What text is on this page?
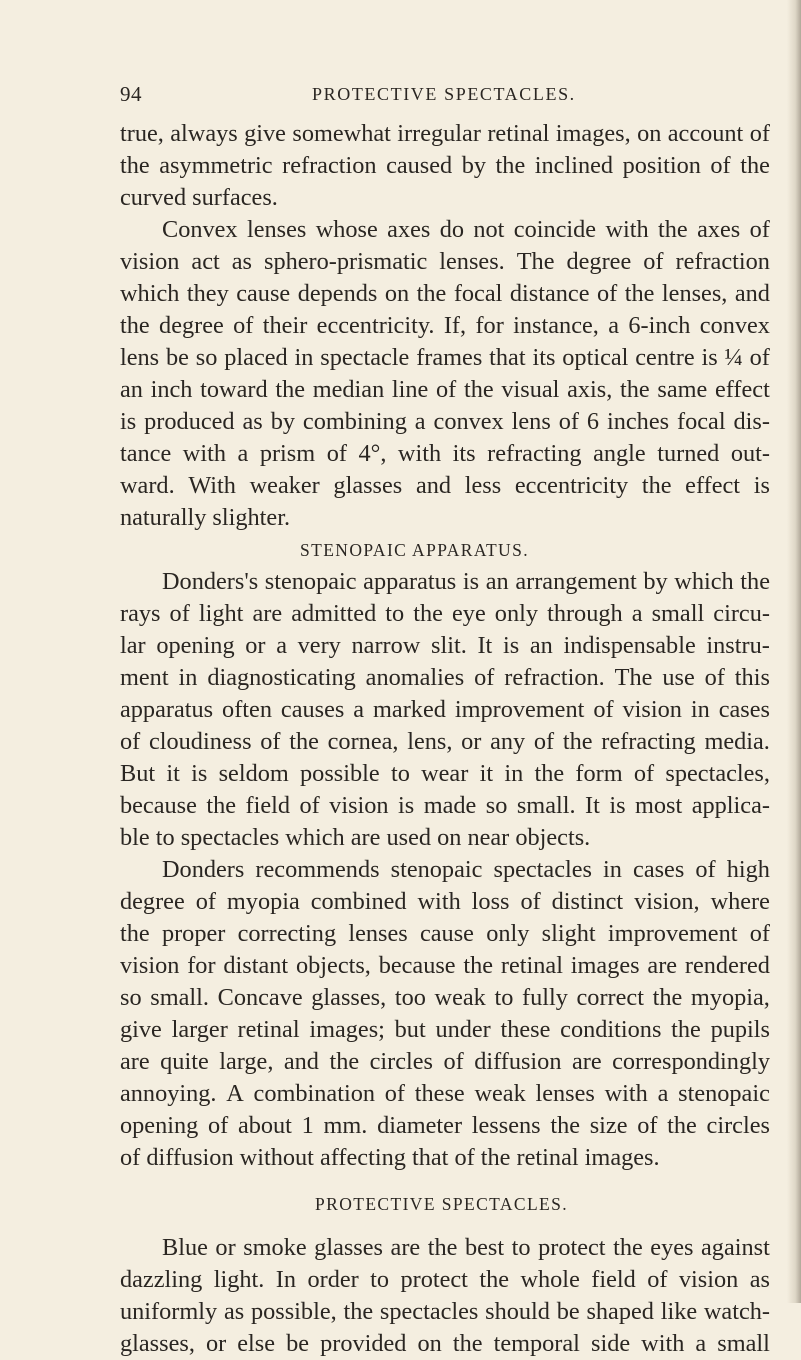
94	PROTECTIVE SPECTACLES.
true, always give somewhat irregular retinal images, on account of
the asymmetric refraction caused by the inclined position of the
curved surfaces.
Convex lenses whose axes do not coincide with the axes of
vision act as sphero-prismatic lenses. The degree of refraction
which they cause depends on the focal distance of the lenses, and
the degree of their eccentricity. If, for instance, a 6-inch convex
lens be so placed in spectacle frames that its optical centre is ¼ of
an inch toward the median line of the visual axis, the same effect
is produced as by combining a convex lens of 6 inches focal dis-
tance with a prism of 4°, with its refracting angle turned out-
ward. With weaker glasses and less eccentricity the effect is
naturally slighter.
STENOPAIC APPARATUS.
Donders's stenopaic apparatus is an arrangement by which the
rays of light are admitted to the eye only through a small circu-
lar opening or a very narrow slit. It is an indispensable instru-
ment in diagnosticating anomalies of refraction. The use of this
apparatus often causes a marked improvement of vision in cases
of cloudiness of the cornea, lens, or any of the refracting media.
But it is seldom possible to wear it in the form of spectacles,
because the field of vision is made so small. It is most applica-
ble to spectacles which are used on near objects.
Donders recommends stenopaic spectacles in cases of high
degree of myopia combined with loss of distinct vision, where
the proper correcting lenses cause only slight improvement of
vision for distant objects, because the retinal images are rendered
so small. Concave glasses, too weak to fully correct the myopia,
give larger retinal images; but under these conditions the pupils
are quite large, and the circles of diffusion are correspondingly
annoying. A combination of these weak lenses with a stenopaic
opening of about 1 mm. diameter lessens the size of the circles
of diffusion without affecting that of the retinal images.
PROTECTIVE SPECTACLES.
Blue or smoke glasses are the best to protect the eyes against
dazzling light. In order to protect the whole field of vision as
uniformly as possible, the spectacles should be shaped like watch-
glasses, or else be provided on the temporal side with a small
